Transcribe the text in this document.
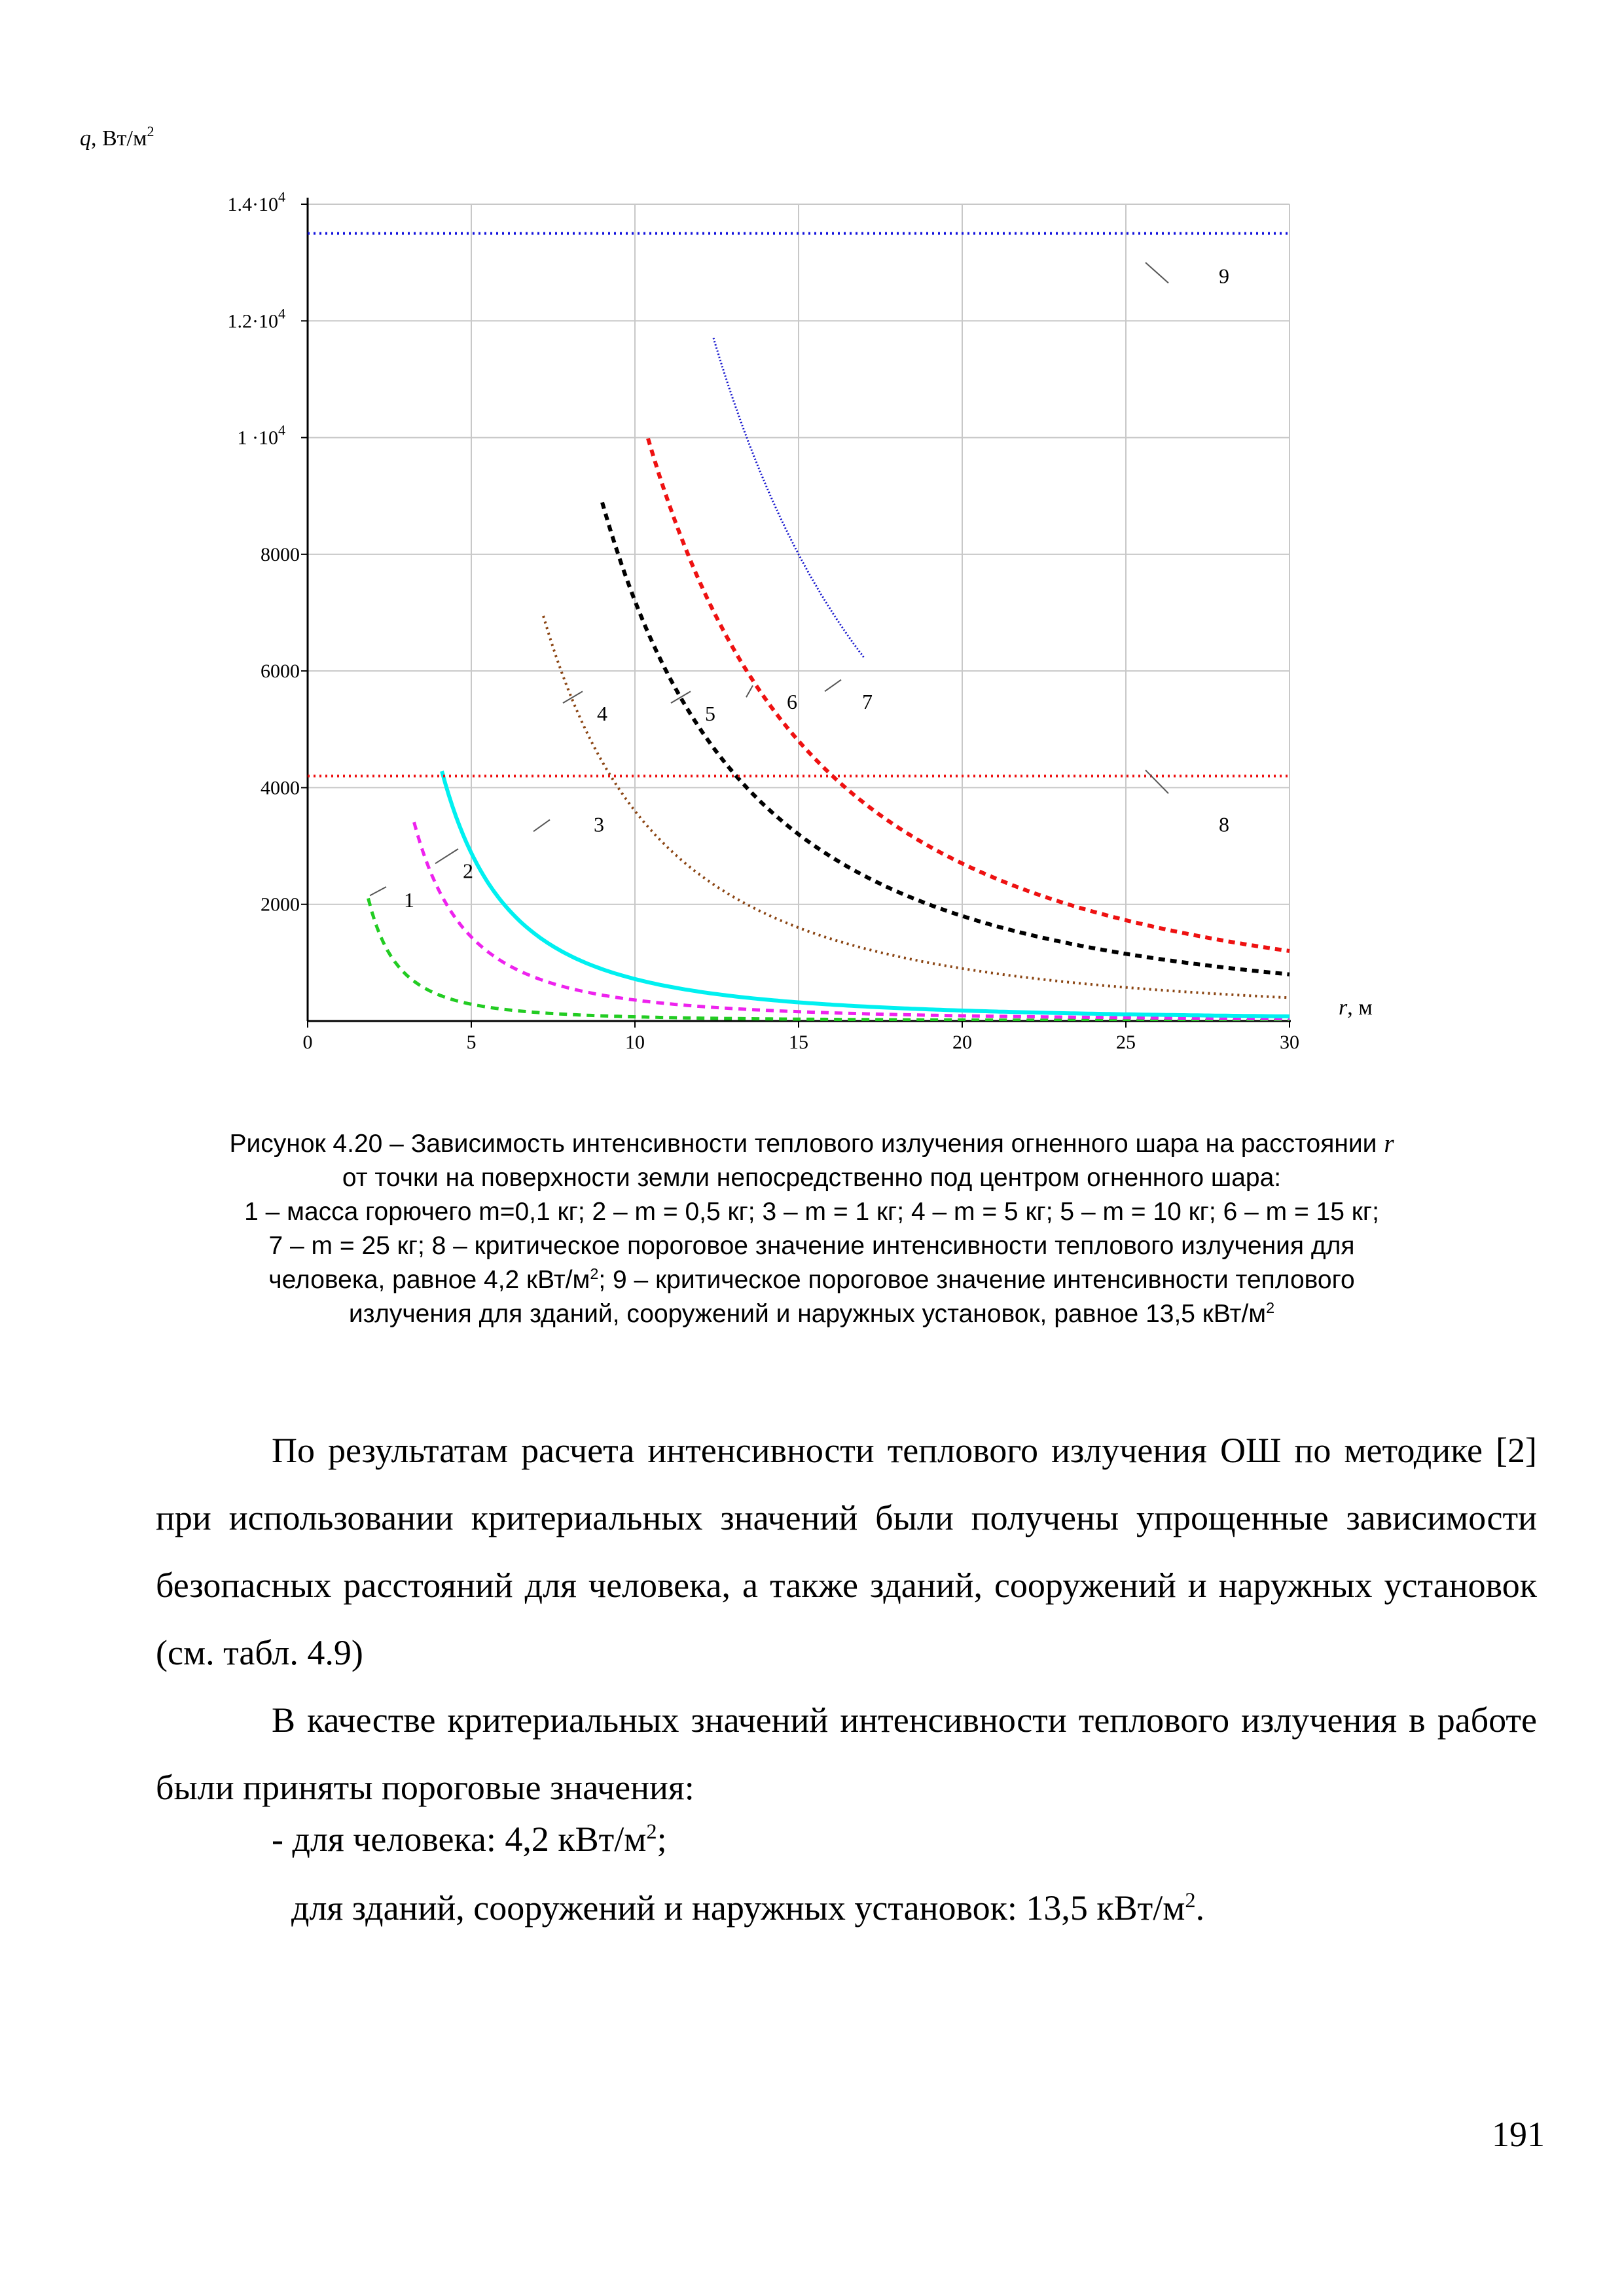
0	5	10	15	20	25	30
2000
4000
6000
8000
$1 \cdot 10^4$
$1.2\cdot 10^4$
$1.4\cdot 10^4$
1
2
3
4	5	6	7
8
9
q, $Вт/м^2$
r, м

Рисунок 4.20 – Зависимость интенсивности теплового излучения огненного шара на расстоянии r

от точки на поверхности земли непосредственно под центром огненного шара:

1 – масса горючего m=0,1 кг; 2 – m = 0,5 кг; 3 – m = 1 кг; 4 – m = 5 кг; 5 – m = 10 кг; 6 – m = 15 кг;

7 – m = 25 кг; 8 – критическое пороговое значение интенсивности теплового излучения для

человека, равное 4,2 кВт/$м^2$; 9 – критическое пороговое значение интенсивности теплового

излучения для зданий, сооружений и наружных установок, равное 13,5 кВт/$м^2$

По результатам расчета интенсивности теплового излучения ОШ по методике [2] при использовании критериальных значений были получены упрощенные зависимости безопасных расстояний для человека, а также зданий, сооружений и наружных установок (см. табл. 4.9)

В качестве критериальных значений интенсивности теплового излучения в работе были приняты пороговые значения:

- для человека: 4,2 кВт/$м^2$;

для зданий, сооружений и наружных установок: 13,5 кВт/$м^2$.

191
